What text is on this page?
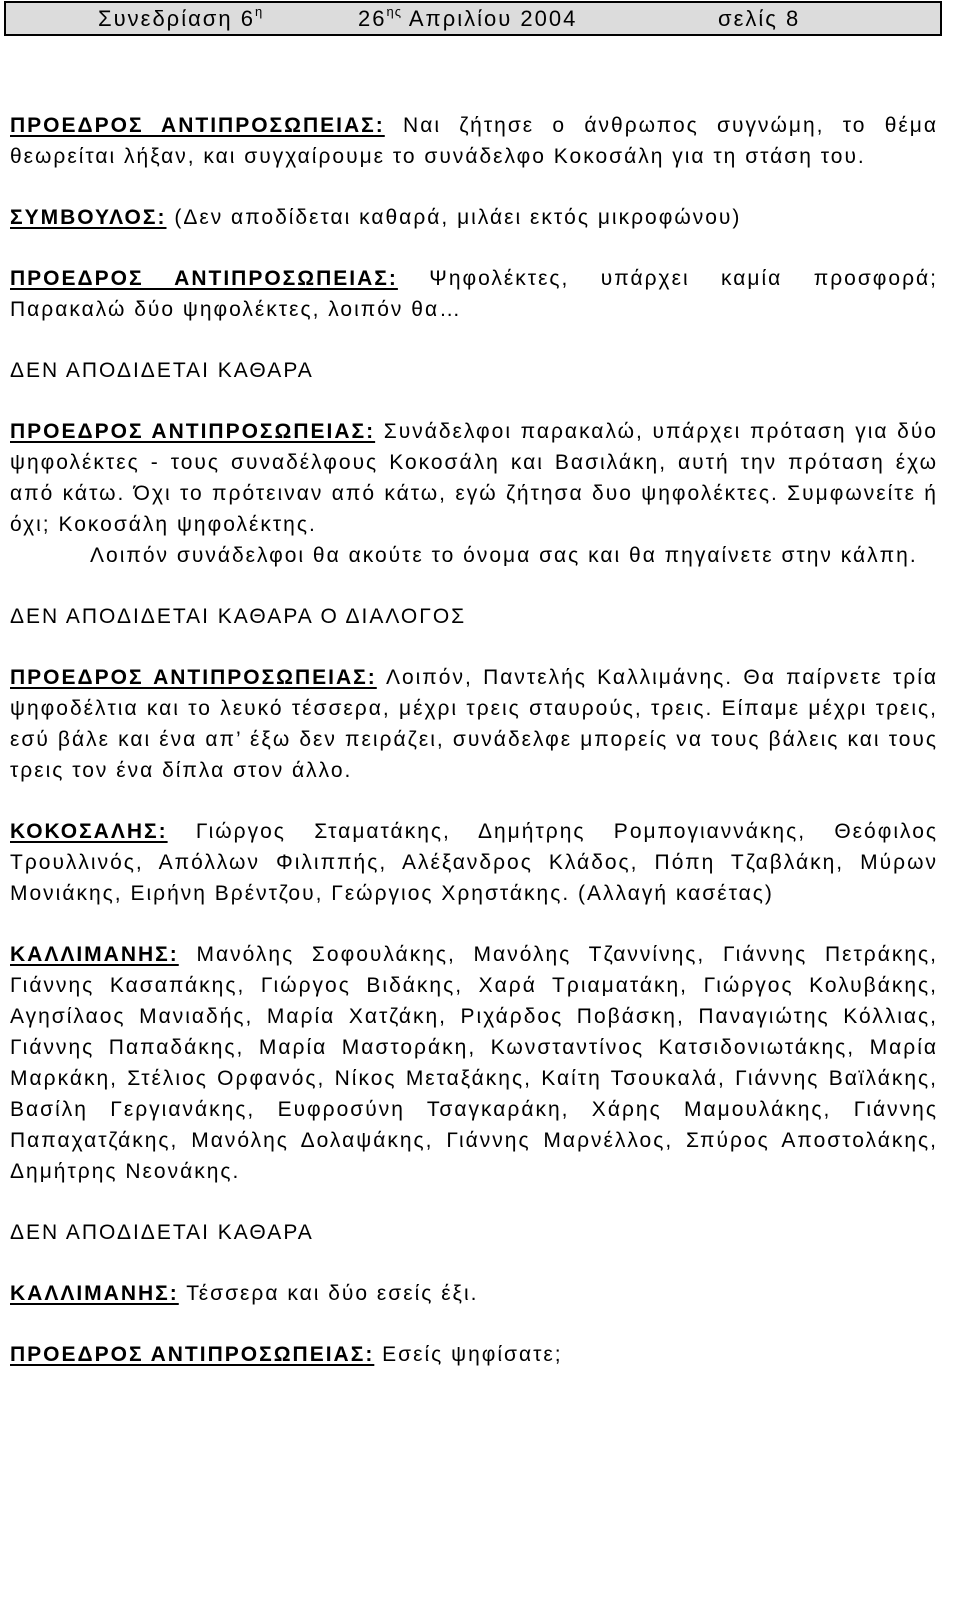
Συνεδρίαση $6^\eta$	$26^{\eta\varsigma}$ Απριλίου 2004	σελίς 8

ΠΡΟΕΔΡΟΣ ΑΝΤΙΠΡΟΣΩΠΕΙΑΣ: Ναι ζήτησε ο άνθρωπος συγνώμη, το θέμα θεωρείται λήξαν, και συγχαίρουμε το συνάδελφο Κοκοσάλη για τη στάση του.

ΣΥΜΒΟΥΛΟΣ: (Δεν αποδίδεται καθαρά, μιλάει εκτός μικροφώνου)

ΠΡΟΕΔΡΟΣ ΑΝΤΙΠΡΟΣΩΠΕΙΑΣ: Ψηφολέκτες, υπάρχει καμία προσφορά; Παρακαλώ δύο ψηφολέκτες, λοιπόν θα…

ΔΕΝ ΑΠΟΔΙΔΕΤΑΙ ΚΑΘΑΡΑ

ΠΡΟΕΔΡΟΣ ΑΝΤΙΠΡΟΣΩΠΕΙΑΣ: Συνάδελφοι παρακαλώ, υπάρχει πρόταση για δύο ψηφολέκτες - τους συναδέλφους Κοκοσάλη και Βασιλάκη, αυτή την πρόταση έχω από κάτω. Όχι το πρότειναν από κάτω, εγώ ζήτησα δυο ψηφολέκτες. Συμφωνείτε ή όχι; Κοκοσάλη ψηφολέκτης.
Λοιπόν συνάδελφοι θα ακούτε το όνομα σας και θα πηγαίνετε στην κάλπη.

ΔΕΝ ΑΠΟΔΙΔΕΤΑΙ ΚΑΘΑΡΑ Ο ΔΙΑΛΟΓΟΣ

ΠΡΟΕΔΡΟΣ ΑΝΤΙΠΡΟΣΩΠΕΙΑΣ: Λοιπόν, Παντελής Καλλιμάνης. Θα παίρνετε τρία ψηφοδέλτια και το λευκό τέσσερα, μέχρι τρεις σταυρούς, τρεις. Είπαμε μέχρι τρεις, εσύ βάλε και ένα απ’ έξω δεν πειράζει, συνάδελφε μπορείς να τους βάλεις και τους τρεις τον ένα δίπλα στον άλλο.

ΚΟΚΟΣΑΛΗΣ: Γιώργος Σταματάκης, Δημήτρης Ρομπογιαννάκης, Θεόφιλος Τρουλλινός, Απόλλων Φιλιππής, Αλέξανδρος Κλάδος, Πόπη Τζαβλάκη, Μύρων Μονιάκης, Ειρήνη Βρέντζου, Γεώργιος Χρηστάκης. (Αλλαγή κασέτας)

ΚΑΛΛΙΜΑΝΗΣ: Μανόλης Σοφουλάκης, Μανόλης Τζαννίνης, Γιάννης Πετράκης, Γιάννης Κασαπάκης, Γιώργος Βιδάκης, Χαρά Τριαματάκη, Γιώργος Κολυβάκης, Αγησίλαος Μανιαδής, Μαρία Χατζάκη, Ριχάρδος Ποβάσκη, Παναγιώτης Κόλλιας, Γιάννης Παπαδάκης, Μαρία Μαστοράκη, Κωνσταντίνος Κατσιδονιωτάκης, Μαρία Μαρκάκη, Στέλιος Ορφανός, Νίκος Μεταξάκης, Καίτη Τσουκαλά, Γιάννης Βαϊλάκης, Βασίλη Γεργιανάκης, Ευφροσύνη Τσαγκαράκη, Χάρης Μαμουλάκης, Γιάννης Παπαχατζάκης, Μανόλης Δολαψάκης, Γιάννης Μαρνέλλος, Σπύρος Αποστολάκης, Δημήτρης Νεονάκης.

ΔΕΝ ΑΠΟΔΙΔΕΤΑΙ ΚΑΘΑΡΑ

ΚΑΛΛΙΜΑΝΗΣ: Τέσσερα και δύο εσείς έξι.

ΠΡΟΕΔΡΟΣ ΑΝΤΙΠΡΟΣΩΠΕΙΑΣ: Εσείς ψηφίσατε;
